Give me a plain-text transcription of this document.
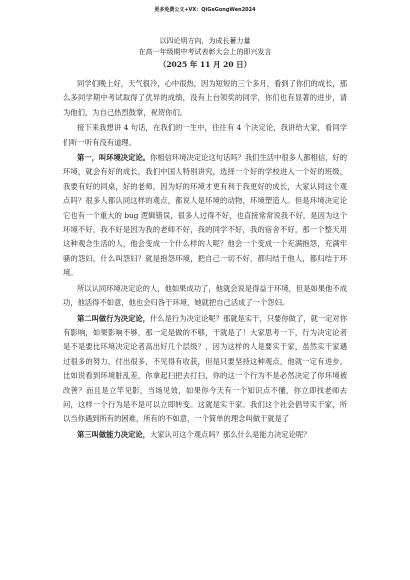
更多免费公文+VX：QiGeGongWen2024
以四论明方向，为成长蓄力量
在高一年级期中考试表彰大会上的即兴发言
（2025 年 11 月 20 日）

同学们晚上好，天气很冷，心中很热，因为短短的三个多月，看到了你们的成长，那么多同学期中考试取得了优异的成绩，没有上台领奖的同学，你们也有显著的进步，请为他们，为自己热烈鼓掌，祝贺你们。

接下来我想讲 4 句话，在我们的一生中，往往有 4 个决定论，我讲给大家，看同学们听一听有没有道理。

第一，叫环境决定论。你相信环境决定论这句话吗？我们生活中很多人都相信，好的环境，就会有好的成长，我们中国人特别讲究，选择一个好的学校进入一个好的班级，我要有好的同桌，好的老师，因为好的环境才更有利于我更好的成长，大家认同这个观点吗？很多人都认同这样的观点，都说人是环境的动物，环境塑造人。但是环境决定论它也有一个重大的 bug 逻辑错误，很多人过得不好，也直接常常说我不好，是因为这个环境不好，我不好是因为我的老师不好，我的同学不好，我的宿舍不好，那一个整天用这种观念生活的人，他会变成一个什么样的人呢？他会一个变成一个充满抱怨，充满牢骚的怨妇，什么叫怨妇？就是抱怨环境，把自己一切不好，都归结于他人，都归结于环境。

所以认同环境决定论的人，他如果成功了，他就会说是得益于环境，但是如果他不成功，他活得不如意，他也会归咎于环境，她就把自己活成了一个怨妇。

第二叫做行为决定论，什么是行为决定论呢？那就是实干，只要你做了，就一定对你有影响，如果影响不够，那一定是做的不够，干就是了！大家思考一下，行为决定论者是不是要比环境决定论者高出好几个层级？，因为这样的人是要实干家，虽然实干家遇过很多的努力，付出很多，不见得有收获，但是只要坚持这种观点，他就一定有进步。比如说看到环境脏乱差，你拿起扫把去打扫，你的这一个行为不是必然决定了你环境被改善？而且是立竿见影，当场见效，如果你今天有一个知识点不懂，你立即找老师去问，这样一个行为是不是可以立即转变。这就是实干家。我们这个社会倡导实干家，所以当你遇到所有的困难，所有的不如意，一个简单的理念叫做干就是了

第三叫做能力决定论，大家认可这个观点吗？那么什么是能力决定论呢？
